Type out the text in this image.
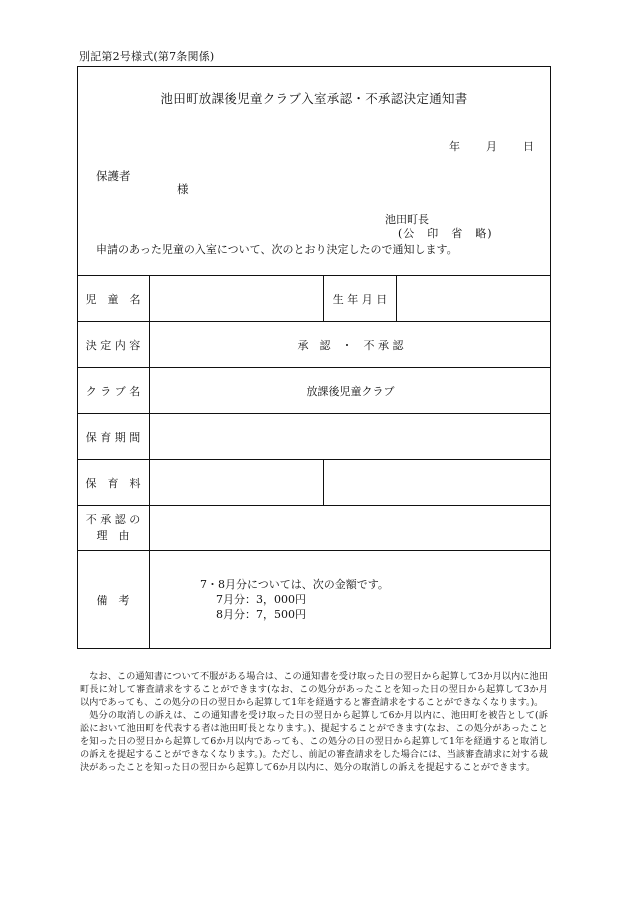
別記第2号様式(第7条関係)
池田町放課後児童クラブ入室承認・不承認決定通知書
年 月 日
保護者
様
池田町長
(公　印　省　略)
申請のあった児童の入室について、次のとおり決定したので通知します。
児　童　名		生 年 月 日	
決 定 内 容	承　認　・　不 承 認		
ク ラ ブ 名	放課後児童クラブ		
保 育 期 間			
保　育　料			
不 承 認 の
理　由			
備　考	7・8月分については、次の金額です。
7月分：3，000円
8月分：7，500円		

なお、この通知書について不服がある場合は、この通知書を受け取った日の翌日から起算して3か月以内に池田町長に対して審査請求をすることができます(なお、この処分があったことを知った日の翌日から起算して3か月以内であっても、この処分の日の翌日から起算して1年を経過すると審査請求をすることができなくなります。)。

処分の取消しの訴えは、この通知書を受け取った日の翌日から起算して6か月以内に、池田町を被告として(訴訟において池田町を代表する者は池田町長となります。)、提起することができます(なお、この処分があったことを知った日の翌日から起算して6か月以内であっても、この処分の日の翌日から起算して1年を経過すると取消しの訴えを提起することができなくなります。)。ただし、前記の審査請求をした場合には、当該審査請求に対する裁決があったことを知った日の翌日から起算して6か月以内に、処分の取消しの訴えを提起することができます。
